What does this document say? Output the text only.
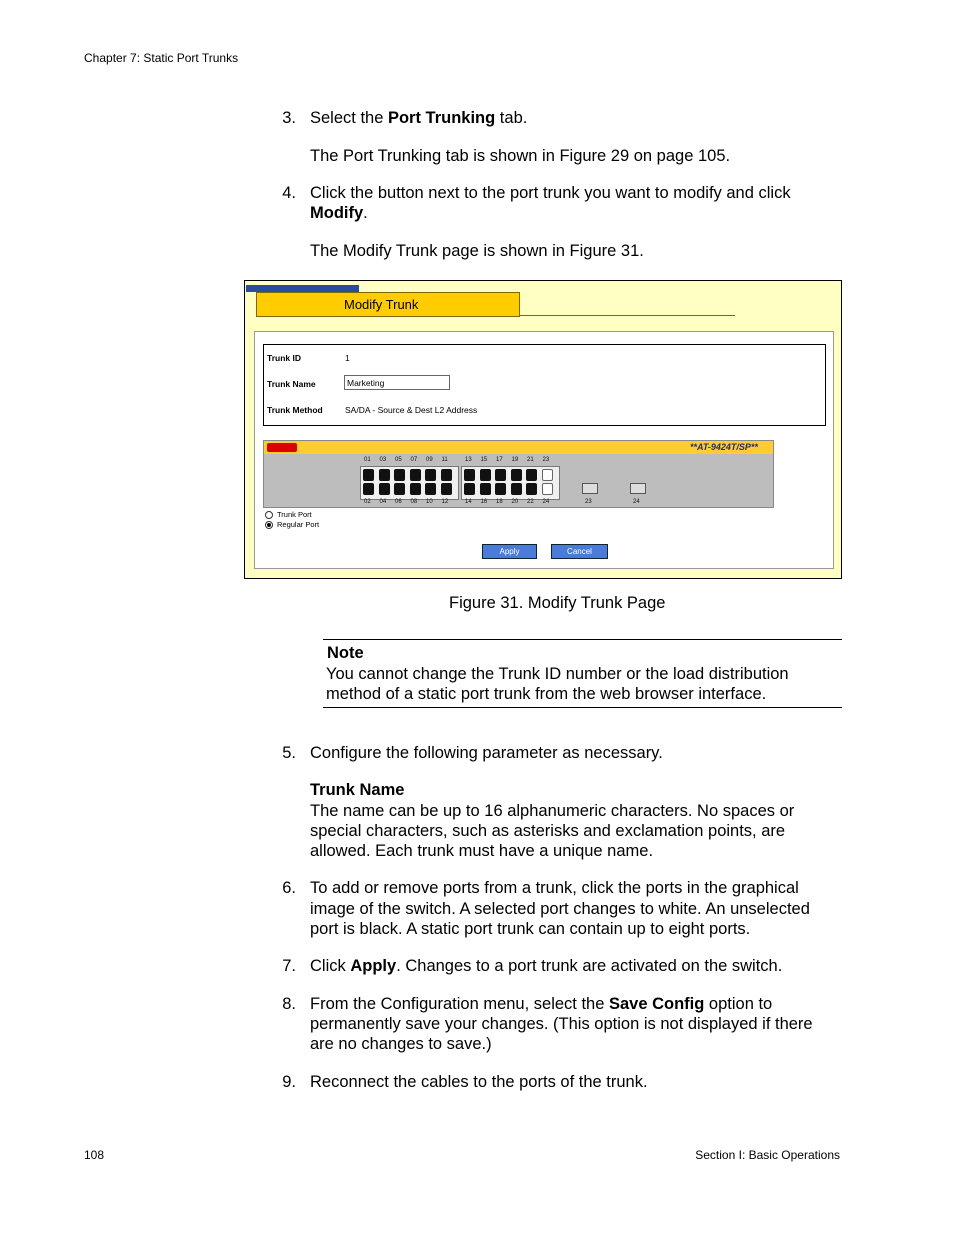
Chapter 7: Static Port Trunks
3. Select the Port Trunking tab.
The Port Trunking tab is shown in Figure 29 on page 105.
4. Click the button next to the port trunk you want to modify and click
Modify.
The Modify Trunk page is shown in Figure 31.
Modify Trunk
Trunk ID	1
Trunk Name	Marketing
Trunk Method	SA/DA - Source & Dest L2 Address
**AT-9424T/SP**
01
02
03
04
05
06
07
08
09
10
11
12
13
14
15
16
17
18
19
20
21
22
23
24	23	24
Trunk Port
Regular Port
Apply	Cancel
Figure 31. Modify Trunk Page
Note
You cannot change the Trunk ID number or the load distribution
method of a static port trunk from the web browser interface.
5. Configure the following parameter as necessary.
Trunk Name
The name can be up to 16 alphanumeric characters. No spaces or
special characters, such as asterisks and exclamation points, are
allowed. Each trunk must have a unique name.
6. To add or remove ports from a trunk, click the ports in the graphical
image of the switch. A selected port changes to white. An unselected
port is black. A static port trunk can contain up to eight ports.
7. Click Apply. Changes to a port trunk are activated on the switch.
8. From the Configuration menu, select the Save Config option to
permanently save your changes. (This option is not displayed if there
are no changes to save.)
9. Reconnect the cables to the ports of the trunk.
108	Section I: Basic Operations
